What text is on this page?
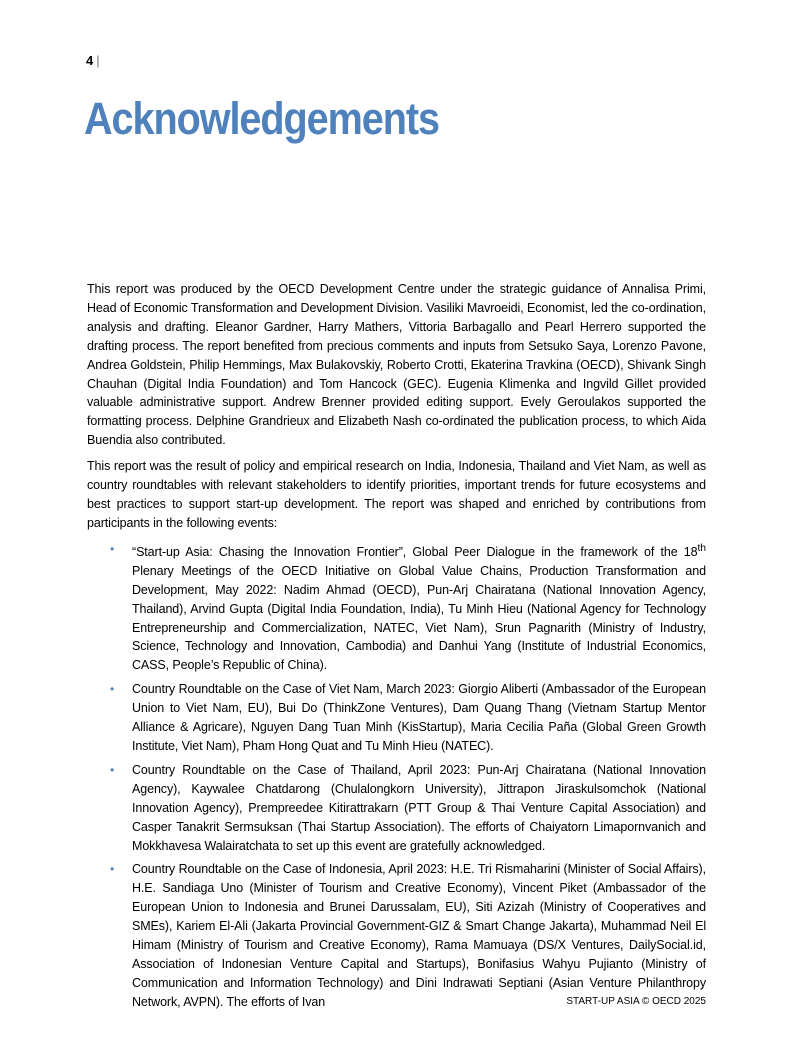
4 |
Acknowledgements

This report was produced by the OECD Development Centre under the strategic guidance of Annalisa Primi, Head of Economic Transformation and Development Division. Vasiliki Mavroeidi, Economist, led the co-ordination, analysis and drafting. Eleanor Gardner, Harry Mathers, Vittoria Barbagallo and Pearl Herrero supported the drafting process. The report benefited from precious comments and inputs from Setsuko Saya, Lorenzo Pavone, Andrea Goldstein, Philip Hemmings, Max Bulakovskiy, Roberto Crotti, Ekaterina Travkina (OECD), Shivank Singh Chauhan (Digital India Foundation) and Tom Hancock (GEC). Eugenia Klimenka and Ingvild Gillet provided valuable administrative support. Andrew Brenner provided editing support. Evely Geroulakos supported the formatting process. Delphine Grandrieux and Elizabeth Nash co-ordinated the publication process, to which Aida Buendia also contributed.

This report was the result of policy and empirical research on India, Indonesia, Thailand and Viet Nam, as well as country roundtables with relevant stakeholders to identify priorities, important trends for future ecosystems and best practices to support start-up development. The report was shaped and enriched by contributions from participants in the following events:

• “Start-up Asia: Chasing the Innovation Frontier”, Global Peer Dialogue in the framework of the 18th Plenary Meetings of the OECD Initiative on Global Value Chains, Production Transformation and Development, May 2022: Nadim Ahmad (OECD), Pun-Arj Chairatana (National Innovation Agency, Thailand), Arvind Gupta (Digital India Foundation, India), Tu Minh Hieu (National Agency for Technology Entrepreneurship and Commercialization, NATEC, Viet Nam), Srun Pagnarith (Ministry of Industry, Science, Technology and Innovation, Cambodia) and Danhui Yang (Institute of Industrial Economics, CASS, People’s Republic of China).
• Country Roundtable on the Case of Viet Nam, March 2023: Giorgio Aliberti (Ambassador of the European Union to Viet Nam, EU), Bui Do (ThinkZone Ventures), Dam Quang Thang (Vietnam Startup Mentor Alliance & Agricare), Nguyen Dang Tuan Minh (KisStartup), Maria Cecilia Paña (Global Green Growth Institute, Viet Nam), Pham Hong Quat and Tu Minh Hieu (NATEC).
• Country Roundtable on the Case of Thailand, April 2023: Pun-Arj Chairatana (National Innovation Agency), Kaywalee Chatdarong (Chulalongkorn University), Jittrapon Jiraskulsomchok (National Innovation Agency), Prempreedee Kitirattrakarn (PTT Group & Thai Venture Capital Association) and Casper Tanakrit Sermsuksan (Thai Startup Association). The efforts of Chaiyatorn Limapornvanich and Mokkhavesa Walairatchata to set up this event are gratefully acknowledged.
• Country Roundtable on the Case of Indonesia, April 2023: H.E. Tri Rismaharini (Minister of Social Affairs), H.E. Sandiaga Uno (Minister of Tourism and Creative Economy), Vincent Piket (Ambassador of the European Union to Indonesia and Brunei Darussalam, EU), Siti Azizah (Ministry of Cooperatives and SMEs), Kariem El-Ali (Jakarta Provincial Government-GIZ & Smart Change Jakarta), Muhammad Neil El Himam (Ministry of Tourism and Creative Economy), Rama Mamuaya (DS/X Ventures, DailySocial.id, Association of Indonesian Venture Capital and Startups), Bonifasius Wahyu Pujianto (Ministry of Communication and Information Technology) and Dini Indrawati Septiani (Asian Venture Philanthropy Network, AVPN). The efforts of Ivan	START-UP ASIA © OECD 2025
